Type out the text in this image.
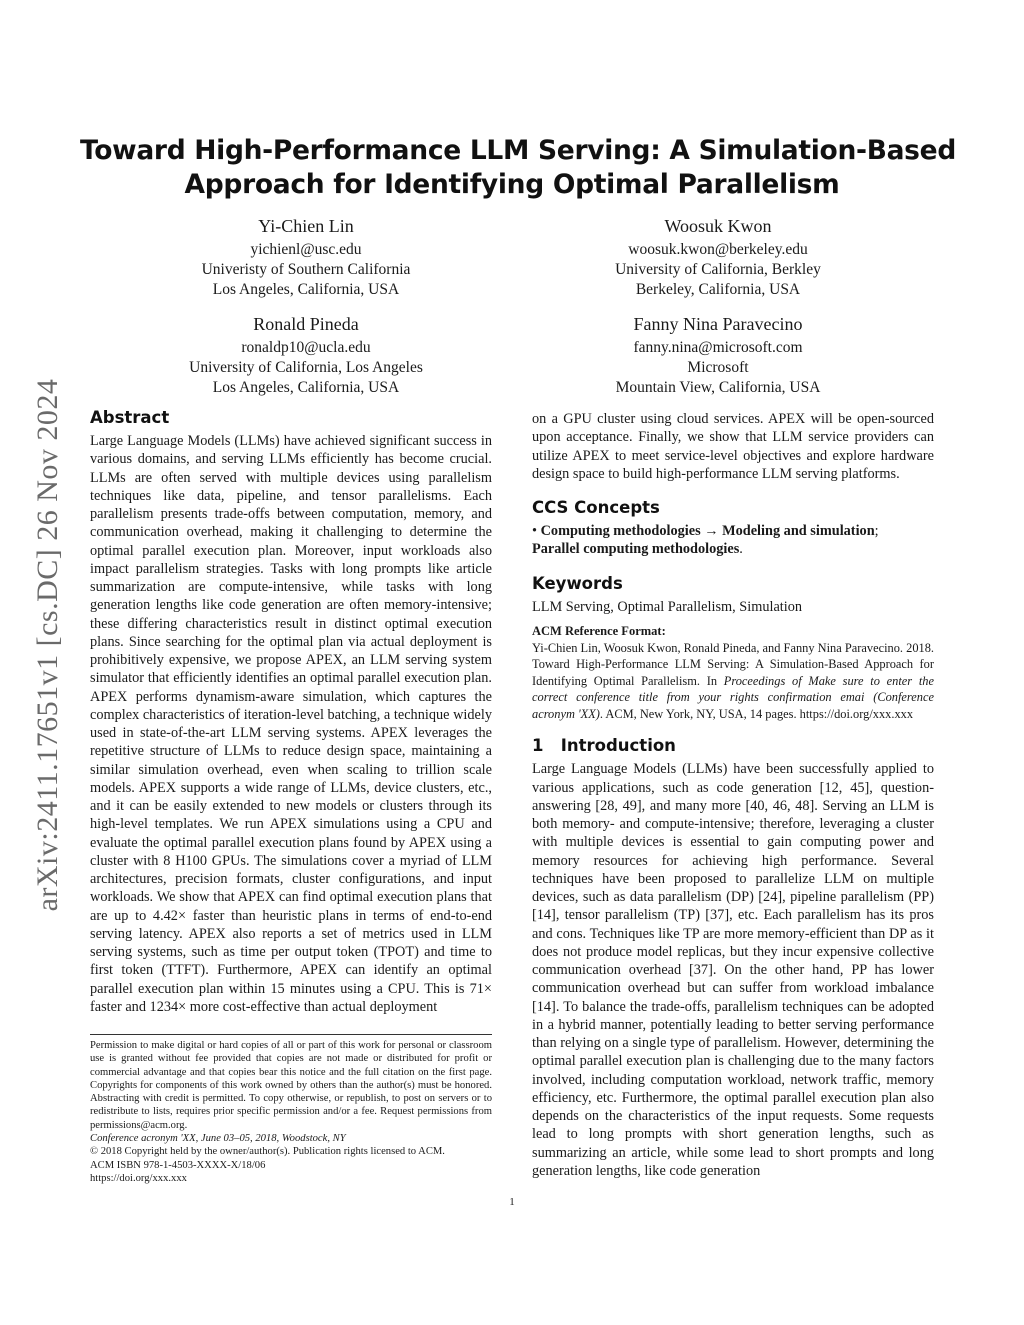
arXiv:2411.17651v1 [cs.DC] 26 Nov 2024
Toward High-Performance LLM Serving: A Simulation-Based
Approach for Identifying Optimal Parallelism
Yi-Chien Lin
yichienl@usc.edu
Univeristy of Southern California
Los Angeles, California, USA
Woosuk Kwon
woosuk.kwon@berkeley.edu
University of California, Berkley
Berkeley, California, USA
Ronald Pineda
ronaldp10@ucla.edu
University of California, Los Angeles
Los Angeles, California, USA
Fanny Nina Paravecino
fanny.nina@microsoft.com
Microsoft
Mountain View, California, USA
Abstract

Large Language Models (LLMs) have achieved significant success in various domains, and serving LLMs efficiently has become crucial. LLMs are often served with multiple devices using parallelism techniques like data, pipeline, and tensor parallelisms. Each parallelism presents trade-offs between computation, memory, and communication overhead, making it challenging to determine the optimal parallel execution plan. Moreover, input workloads also impact parallelism strategies. Tasks with long prompts like article summarization are compute-intensive, while tasks with long generation lengths like code generation are often memory-intensive; these differing characteristics result in distinct optimal execution plans. Since searching for the optimal plan via actual deployment is prohibitively expensive, we propose APEX, an LLM serving system simulator that efficiently identifies an optimal parallel execution plan. APEX performs dynamism-aware simulation, which captures the complex characteristics of iteration-level batching, a technique widely used in state-of-the-art LLM serving systems. APEX leverages the repetitive structure of LLMs to reduce design space, maintaining a similar simulation overhead, even when scaling to trillion scale models. APEX supports a wide range of LLMs, device clusters, etc., and it can be easily extended to new models or clusters through its high-level templates. We run APEX simulations using a CPU and evaluate the optimal parallel execution plans found by APEX using a cluster with 8 H100 GPUs. The simulations cover a myriad of LLM architectures, precision formats, cluster configurations, and input workloads. We show that APEX can find optimal execution plans that are up to 4.42× faster than heuristic plans in terms of end-to-end serving latency. APEX also reports a set of metrics used in LLM serving systems, such as time per output token (TPOT) and time to first token (TTFT). Furthermore, APEX can identify an optimal parallel execution plan within 15 minutes using a CPU. This is 71× faster and 1234× more cost-effective than actual deployment

Permission to make digital or hard copies of all or part of this work for personal or classroom use is granted without fee provided that copies are not made or distributed for profit or commercial advantage and that copies bear this notice and the full citation on the first page. Copyrights for components of this work owned by others than the author(s) must be honored. Abstracting with credit is permitted. To copy otherwise, or republish, to post on servers or to redistribute to lists, requires prior specific permission and/or a fee. Request permissions from permissions@acm.org.

Conference acronym 'XX, June 03–05, 2018, Woodstock, NY

© 2018 Copyright held by the owner/author(s). Publication rights licensed to ACM.

ACM ISBN 978-1-4503-XXXX-X/18/06

https://doi.org/xxx.xxx

on a GPU cluster using cloud services. APEX will be open-sourced upon acceptance. Finally, we show that LLM service providers can utilize APEX to meet service-level objectives and explore hardware design space to build high-performance LLM serving platforms.

CCS Concepts

• Computing methodologies → Modeling and simulation;
Parallel computing methodologies.

Keywords

LLM Serving, Optimal Parallelism, Simulation

ACM Reference Format:

Yi-Chien Lin, Woosuk Kwon, Ronald Pineda, and Fanny Nina Paravecino. 2018. Toward High-Performance LLM Serving: A Simulation-Based Approach for Identifying Optimal Parallelism. In Proceedings of Make sure to enter the correct conference title from your rights confirmation emai (Conference acronym 'XX). ACM, New York, NY, USA, 14 pages. https://doi.org/xxx.xxx

1 Introduction

Large Language Models (LLMs) have been successfully applied to various applications, such as code generation [12, 45], question-answering [28, 49], and many more [40, 46, 48]. Serving an LLM is both memory- and compute-intensive; therefore, leveraging a cluster with multiple devices is essential to gain computing power and memory resources for achieving high performance. Several techniques have been proposed to parallelize LLM on multiple devices, such as data parallelism (DP) [24], pipeline parallelism (PP) [14], tensor parallelism (TP) [37], etc. Each parallelism has its pros and cons. Techniques like TP are more memory-efficient than DP as it does not produce model replicas, but they incur expensive collective communication overhead [37]. On the other hand, PP has lower communication overhead but can suffer from workload imbalance [14]. To balance the trade-offs, parallelism techniques can be adopted in a hybrid manner, potentially leading to better serving performance than relying on a single type of parallelism. However, determining the optimal parallel execution plan is challenging due to the many factors involved, including computation workload, network traffic, memory efficiency, etc. Furthermore, the optimal parallel execution plan also depends on the characteristics of the input requests. Some requests lead to long prompts with short generation lengths, such as summarizing an article, while some lead to short prompts and long generation lengths, like code generation

1
